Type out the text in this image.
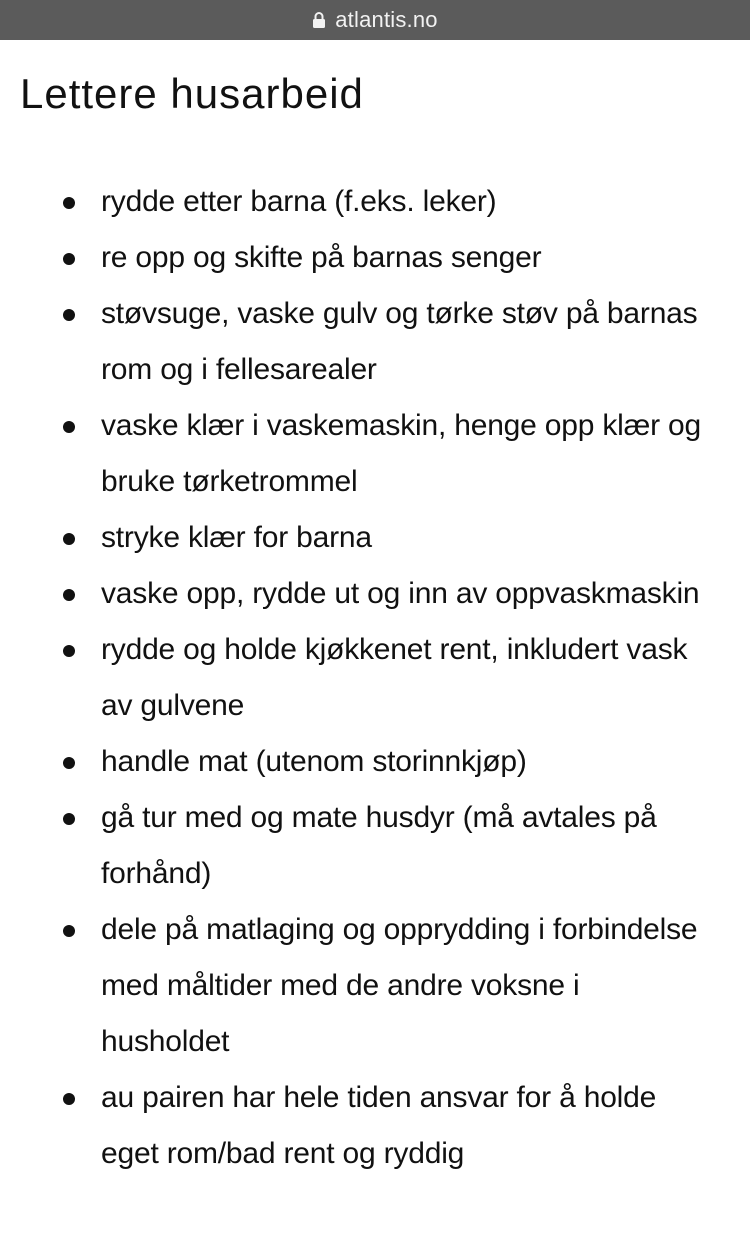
atlantis.no
Lettere husarbeid
rydde etter barna (f.eks. leker)
re opp og skifte på barnas senger
støvsuge, vaske gulv og tørke støv på barnas rom og i fellesarealer
vaske klær i vaskemaskin, henge opp klær og bruke tørketrommel
stryke klær for barna
vaske opp, rydde ut og inn av oppvaskmaskin
rydde og holde kjøkkenet rent, inkludert vask av gulvene
handle mat (utenom storinnkjøp)
gå tur med og mate husdyr (må avtales på forhånd)
dele på matlaging og opprydding i forbindelse med måltider med de andre voksne i husholdet
au pairen har hele tiden ansvar for å holde eget rom/bad rent og ryddig
